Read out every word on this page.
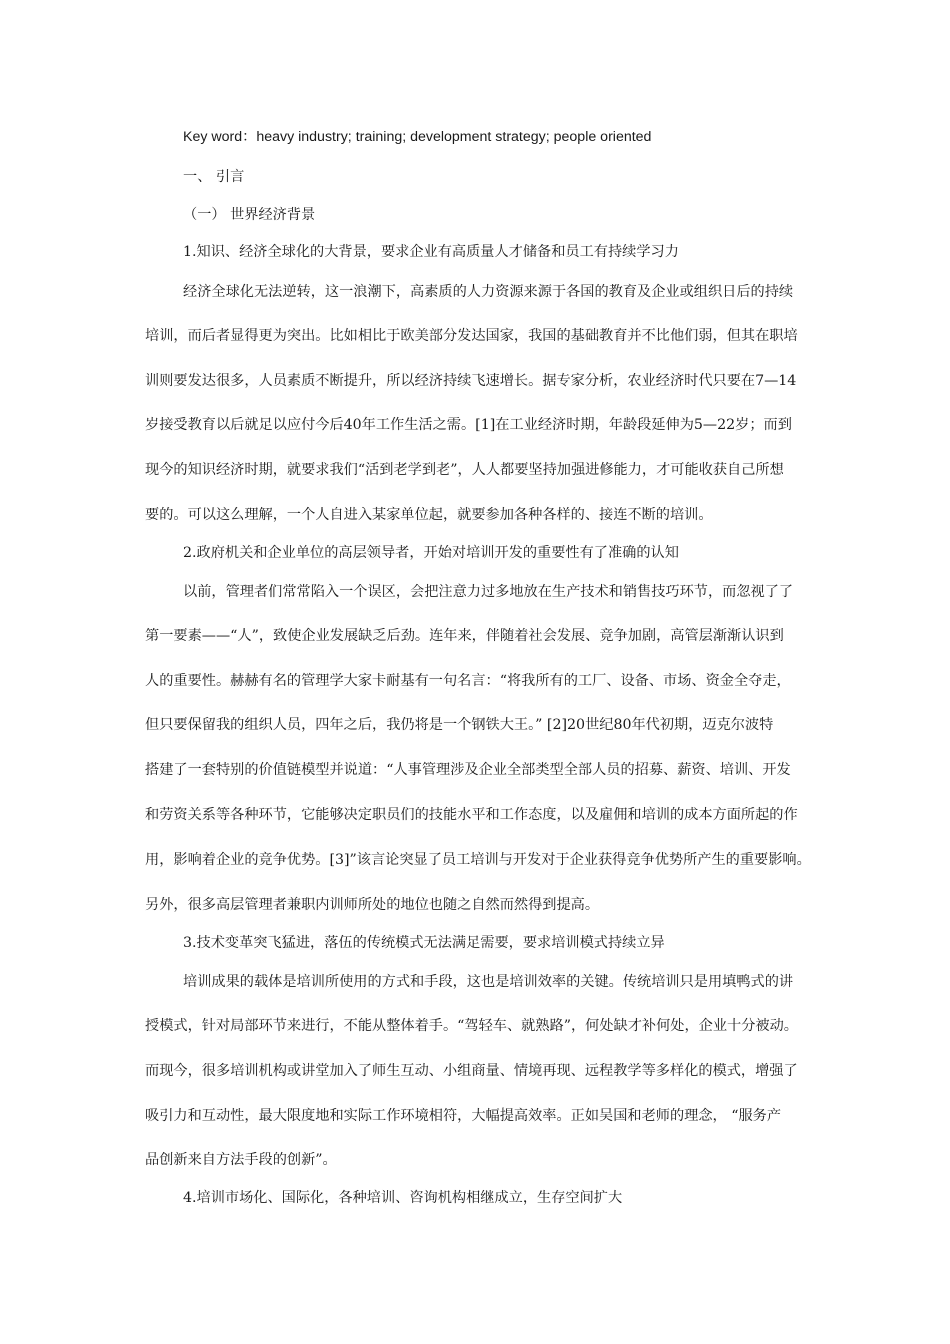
Key word：heavy industry; training; development strategy; people oriented
一、 引言
（一） 世界经济背景
1.知识、经济全球化的大背景，要求企业有高质量人才储备和员工有持续学习力
经济全球化无法逆转，这一浪潮下，高素质的人力资源来源于各国的教育及企业或组织日后的持续
培训，而后者显得更为突出。比如相比于欧美部分发达国家，我国的基础教育并不比他们弱，但其在职培
训则要发达很多，人员素质不断提升，所以经济持续飞速增长。据专家分析，农业经济时代只要在7—14
岁接受教育以后就足以应付今后40年工作生活之需。[1]在工业经济时期，年龄段延伸为5—22岁；而到
现今的知识经济时期，就要求我们“活到老学到老”，人人都要坚持加强进修能力，才可能收获自己所想
要的。可以这么理解，一个人自进入某家单位起，就要参加各种各样的、接连不断的培训。
2.政府机关和企业单位的高层领导者，开始对培训开发的重要性有了准确的认知
以前，管理者们常常陷入一个误区，会把注意力过多地放在生产技术和销售技巧环节，而忽视了了
第一要素——“人”，致使企业发展缺乏后劲。连年来，伴随着社会发展、竞争加剧，高管层渐渐认识到
人的重要性。赫赫有名的管理学大家卡耐基有一句名言：“将我所有的工厂、设备、市场、资金全夺走，
但只要保留我的组织人员，四年之后，我仍将是一个钢铁大王。” [2]20世纪80年代初期，迈克尔波特
搭建了一套特别的价值链模型并说道：“人事管理涉及企业全部类型全部人员的招募、薪资、培训、开发
和劳资关系等各种环节，它能够决定职员们的技能水平和工作态度，以及雇佣和培训的成本方面所起的作
用，影响着企业的竞争优势。[3]”该言论突显了员工培训与开发对于企业获得竞争优势所产生的重要影响。
另外，很多高层管理者兼职内训师所处的地位也随之自然而然得到提高。
3.技术变革突飞猛进，落伍的传统模式无法满足需要，要求培训模式持续立异
培训成果的载体是培训所使用的方式和手段，这也是培训效率的关键。传统培训只是用填鸭式的讲
授模式，针对局部环节来进行，不能从整体着手。“驾轻车、就熟路”，何处缺才补何处，企业十分被动。
而现今，很多培训机构或讲堂加入了师生互动、小组商量、情境再现、远程教学等多样化的模式，增强了
吸引力和互动性，最大限度地和实际工作环境相符，大幅提高效率。正如吴国和老师的理念， “服务产
品创新来自方法手段的创新”。
4.培训市场化、国际化，各种培训、咨询机构相继成立，生存空间扩大
